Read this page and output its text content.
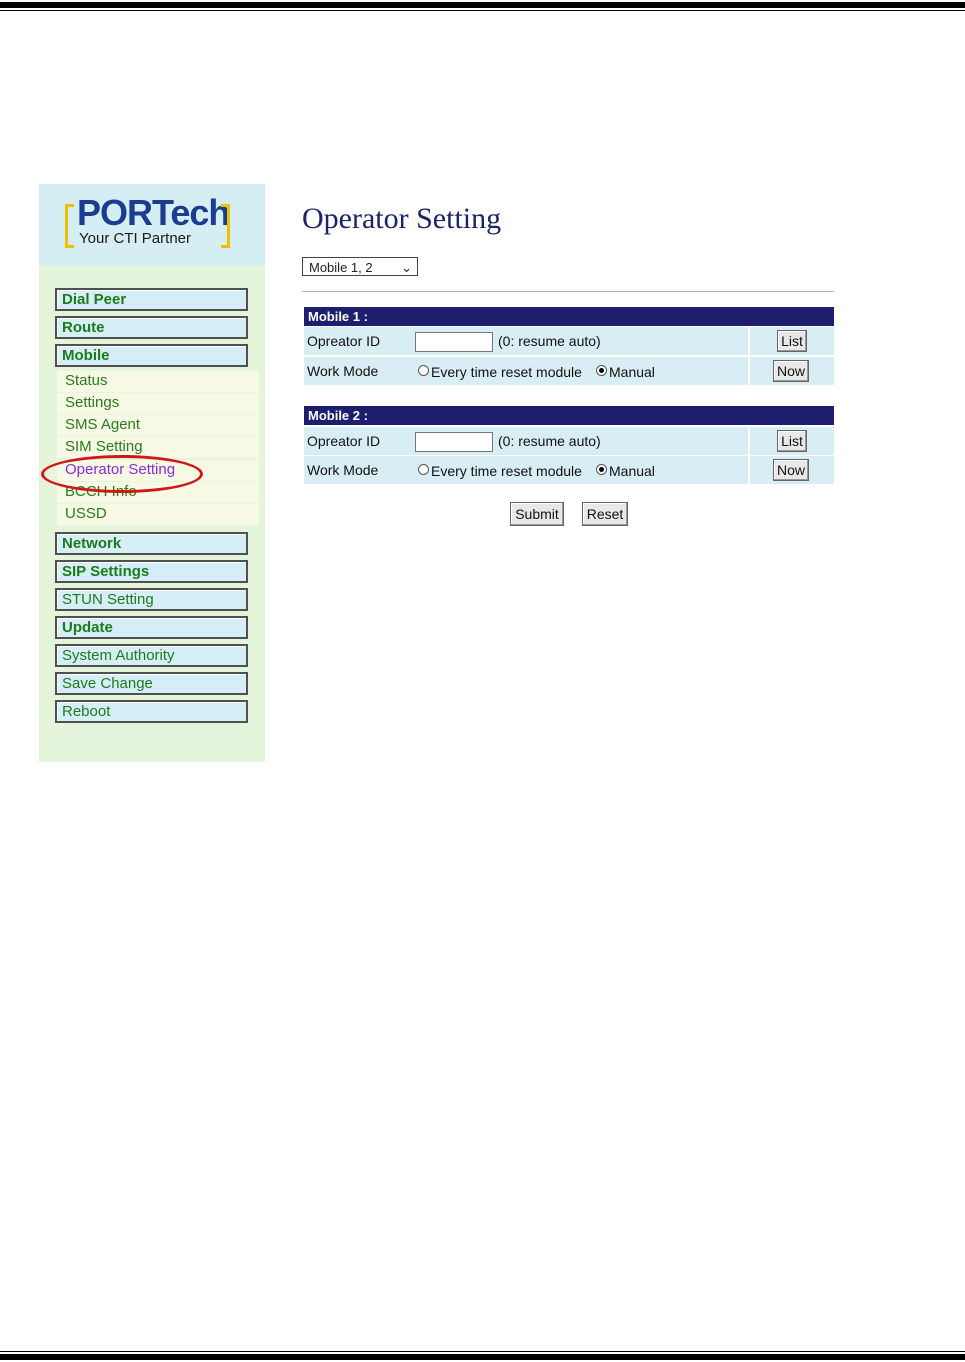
PORTech
Your CTI Partner
Dial Peer
Route
Mobile
Status
Settings
SMS Agent
SIM Setting
Operator Setting
BCCH Info
USSD
Network
SIP Settings
STUN Setting
Update
System Authority
Save Change
Reboot
Operator Setting
Mobile 1, 2 ⌄
Mobile 1 :
Opreator ID	(0: resume auto)	List
Work Mode	Every time reset module Manual	Now
Mobile 2 :
Opreator ID	(0: resume auto)	List
Work Mode	Every time reset module Manual	Now
Submit	Reset
